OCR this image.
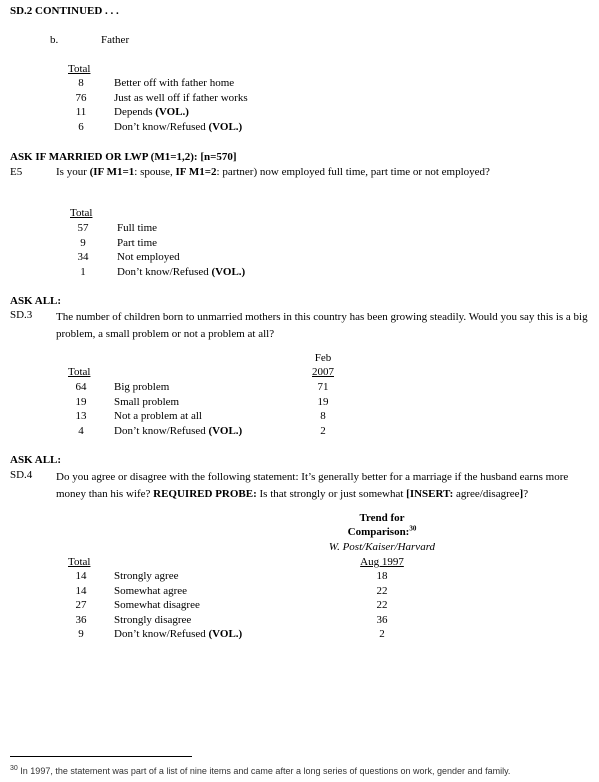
SD.2 CONTINUED . . .
b.	Father
Total
8	Better off with father home
76	Just as well off if father works
11	Depends (VOL.)
6	Don’t know/Refused (VOL.)
ASK IF MARRIED OR LWP (M1=1,2): [n=570]
E5	Is your (IF M1=1: spouse, IF M1=2: partner) now employed full time, part time or not employed?
Total
57	Full time
9	Part time
34	Not employed
1	Don’t know/Refused (VOL.)
ASK ALL:
SD.3 The number of children born to unmarried mothers in this country has been growing steadily. Would you say this is a big problem, a small problem or not a problem at all?
Feb
2007
Total
64	Big problem	71
19	Small problem	19
13	Not a problem at all	8
4	Don’t know/Refused (VOL.)	2
ASK ALL:
SD.4 Do you agree or disagree with the following statement: It’s generally better for a marriage if the husband earns more money than his wife? REQUIRED PROBE: Is that strongly or just somewhat [INSERT: agree/disagree]?
Trend for
Comparison:$^{30}$
W. Post/Kaiser/Harvard
Aug 1997
Total
14	Strongly agree	18
14	Somewhat agree	22
27	Somewhat disagree	22
36	Strongly disagree	36
9	Don’t know/Refused (VOL.)	2
$^{30}$ In 1997, the statement was part of a list of nine items and came after a long series of questions on work, gender and family.
